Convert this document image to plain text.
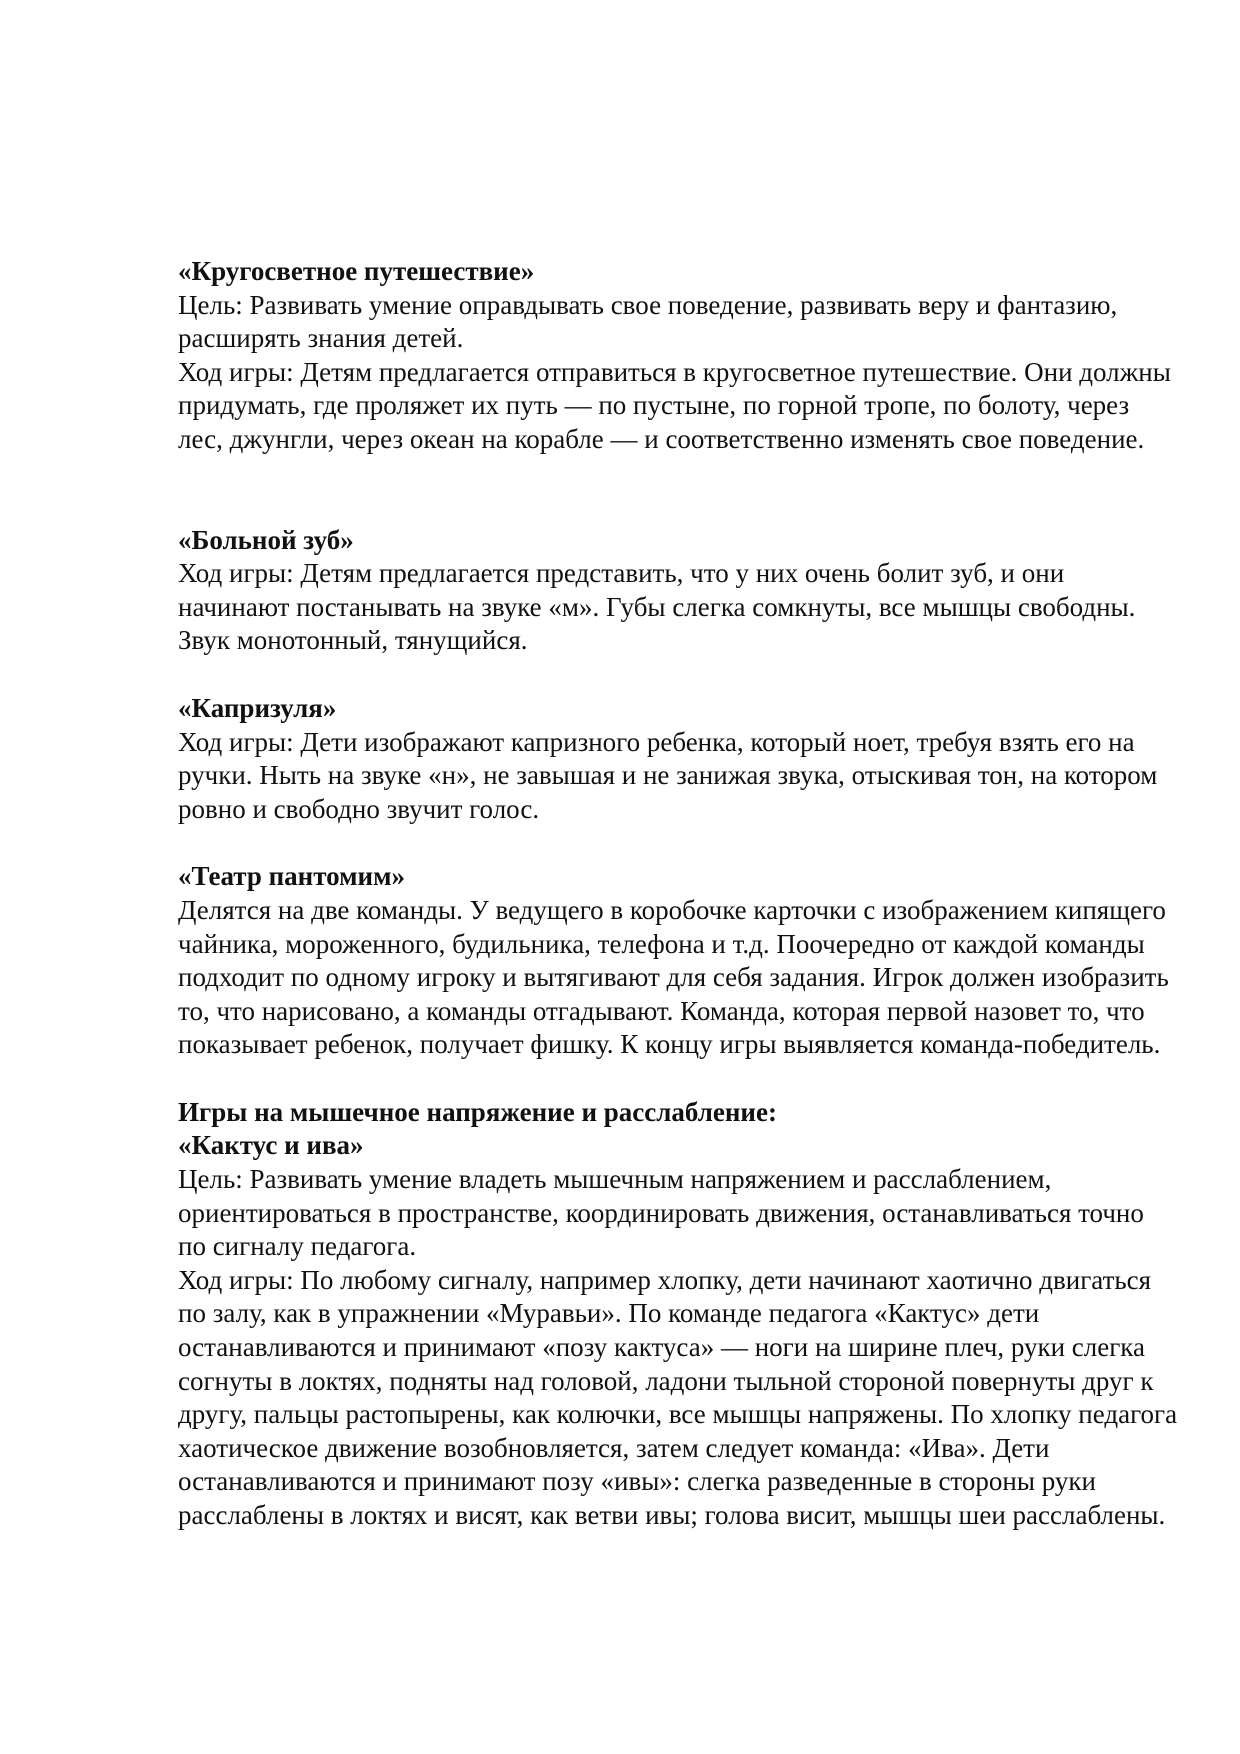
«Кругосветное путешествие»

Цель: Развивать умение оправдывать свое поведение, развивать веру и фантазию, расширять знания детей.

Ход игры: Детям предлагается отправиться в кругосветное путешествие. Они должны придумать, где проляжет их путь — по пустыне, по горной тропе, по болоту, через лес, джунгли, через океан на корабле — и соответственно изменять свое поведение.

«Больной зуб»

Ход игры: Детям предлагается представить, что у них очень болит зуб, и они начинают постанывать на звуке «м». Губы слегка сомкнуты, все мышцы свободны. Звук монотонный, тянущийся.

«Капризуля»

Ход игры: Дети изображают капризного ребенка, который ноет, требуя взять его на ручки. Ныть на звуке «н», не завышая и не занижая звука, отыскивая тон, на котором ровно и свободно звучит голос.

«Театр пантомим»

Делятся на две команды. У ведущего в коробочке карточки с изображением кипящего чайника, мороженного, будильника, телефона и т.д. Поочередно от каждой команды подходит по одному игроку и вытягивают для себя задания. Игрок должен изобразить то, что нарисовано, а команды отгадывают. Команда, которая первой назовет то, что показывает ребенок, получает фишку. К концу игры выявляется команда-победитель.

Игры на мышечное напряжение и расслабление:

«Кактус и ива»

Цель: Развивать умение владеть мышечным напряжением и расслаблением, ориентироваться в пространстве, координировать движения, останавливаться точно по сигналу педагога.

Ход игры: По любому сигналу, например хлопку, дети начинают хаотично двигаться по залу, как в упражнении «Муравьи». По команде педагога «Кактус» дети останавливаются и принимают «позу кактуса» — ноги на ширине плеч, руки слегка согнуты в локтях, подняты над головой, ладони тыльной стороной повернуты друг к другу, пальцы растопырены, как колючки, все мышцы напряжены. По хлопку педагога хаотическое движение возобновляется, затем следует команда: «Ива». Дети останавливаются и принимают позу «ивы»: слегка разведенные в стороны руки расслаблены в локтях и висят, как ветви ивы; голова висит, мышцы шеи расслаблены.
